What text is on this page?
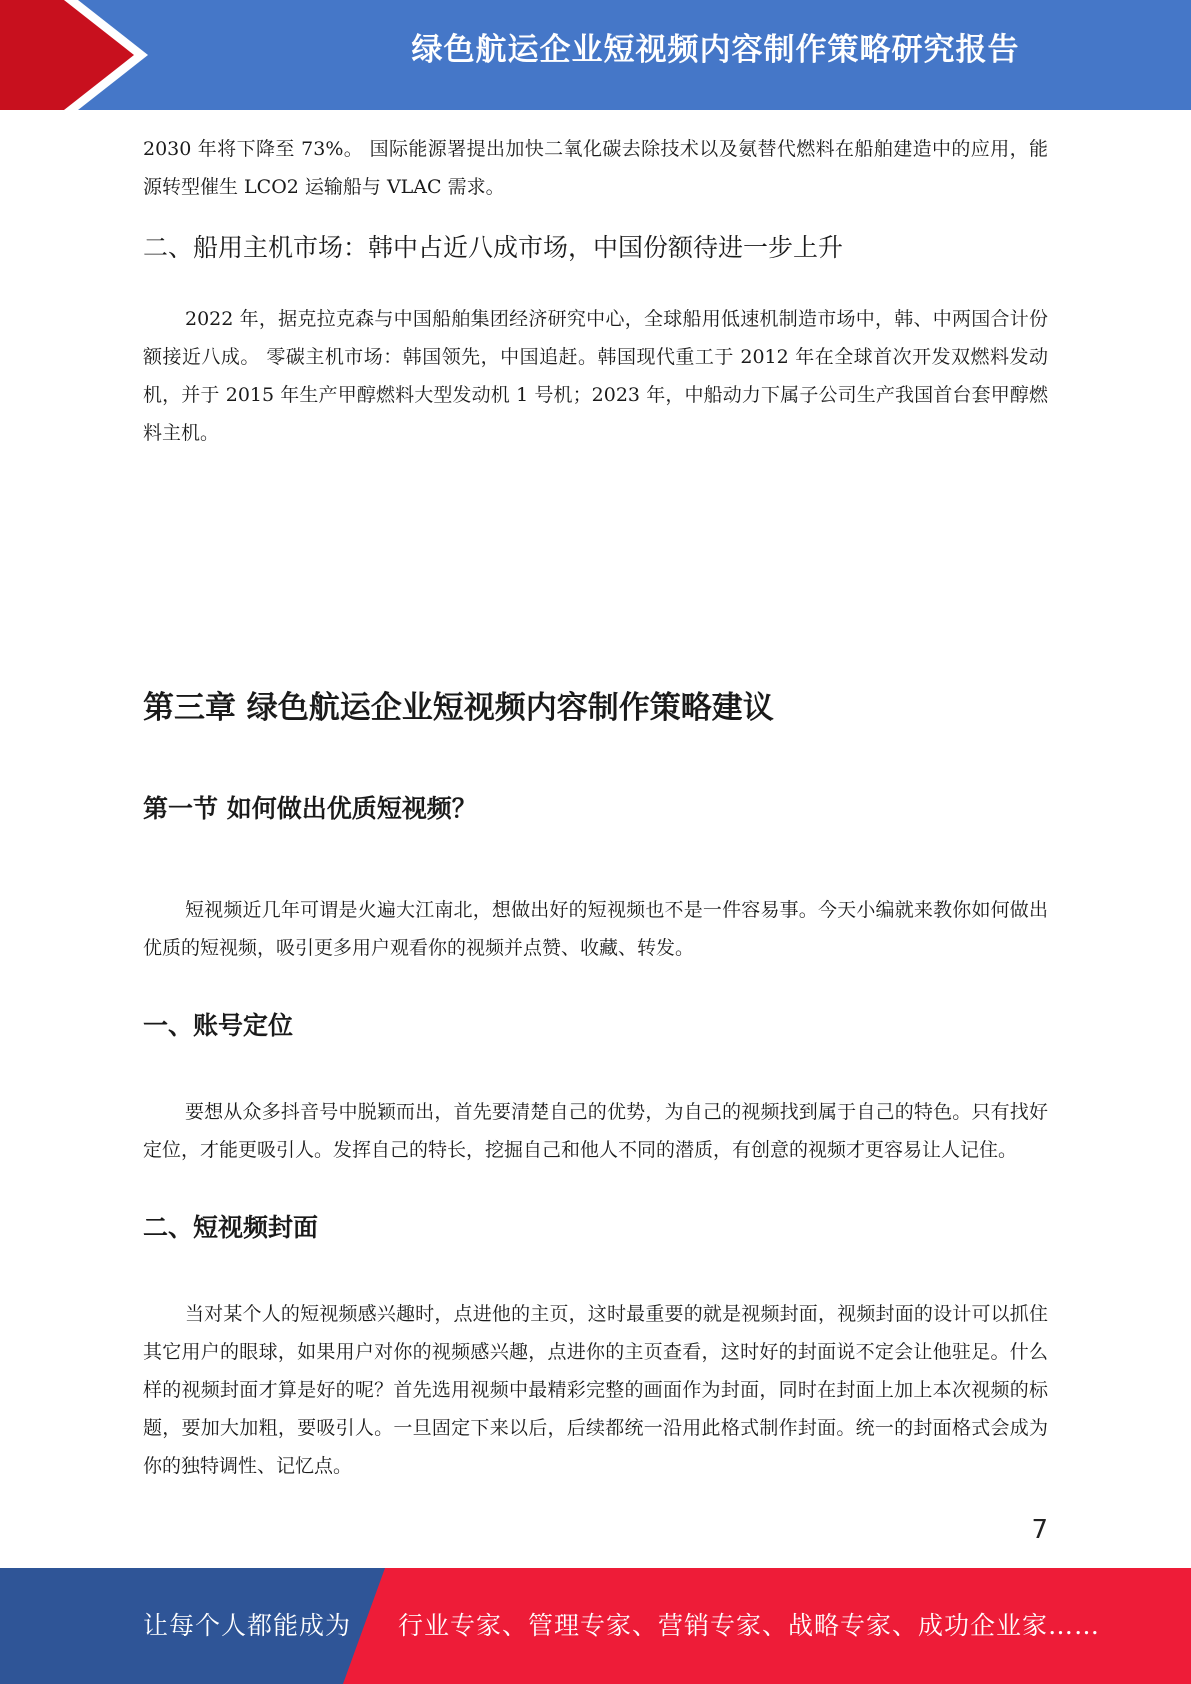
绿色航运企业短视频内容制作策略研究报告

2030 年将下降至 73%。 国际能源署提出加快二氧化碳去除技术以及氨替代燃料在船舶建造中的应用，能源转型催生 LCO2 运输船与 VLAC 需求。

二、船用主机市场：韩中占近八成市场，中国份额待进一步上升

2022 年，据克拉克森与中国船舶集团经济研究中心，全球船用低速机制造市场中，韩、中两国合计份额接近八成。 零碳主机市场：韩国领先，中国追赶。韩国现代重工于 2012 年在全球首次开发双燃料发动机，并于 2015 年生产甲醇燃料大型发动机 1 号机；2023 年，中船动力下属子公司生产我国首台套甲醇燃料主机。

第三章 绿色航运企业短视频内容制作策略建议
第一节 如何做出优质短视频？

短视频近几年可谓是火遍大江南北，想做出好的短视频也不是一件容易事。今天小编就来教你如何做出优质的短视频，吸引更多用户观看你的视频并点赞、收藏、转发。

一、账号定位

要想从众多抖音号中脱颖而出，首先要清楚自己的优势，为自己的视频找到属于自己的特色。只有找好定位，才能更吸引人。发挥自己的特长，挖掘自己和他人不同的潜质，有创意的视频才更容易让人记住。

二、短视频封面

当对某个人的短视频感兴趣时，点进他的主页，这时最重要的就是视频封面，视频封面的设计可以抓住其它用户的眼球，如果用户对你的视频感兴趣，点进你的主页查看，这时好的封面说不定会让他驻足。什么样的视频封面才算是好的呢？首先选用视频中最精彩完整的画面作为封面，同时在封面上加上本次视频的标题，要加大加粗，要吸引人。一旦固定下来以后，后续都统一沿用此格式制作封面。统一的封面格式会成为你的独特调性、记忆点。

7
让每个人都能成为 行业专家、管理专家、营销专家、战略专家、成功企业家……
